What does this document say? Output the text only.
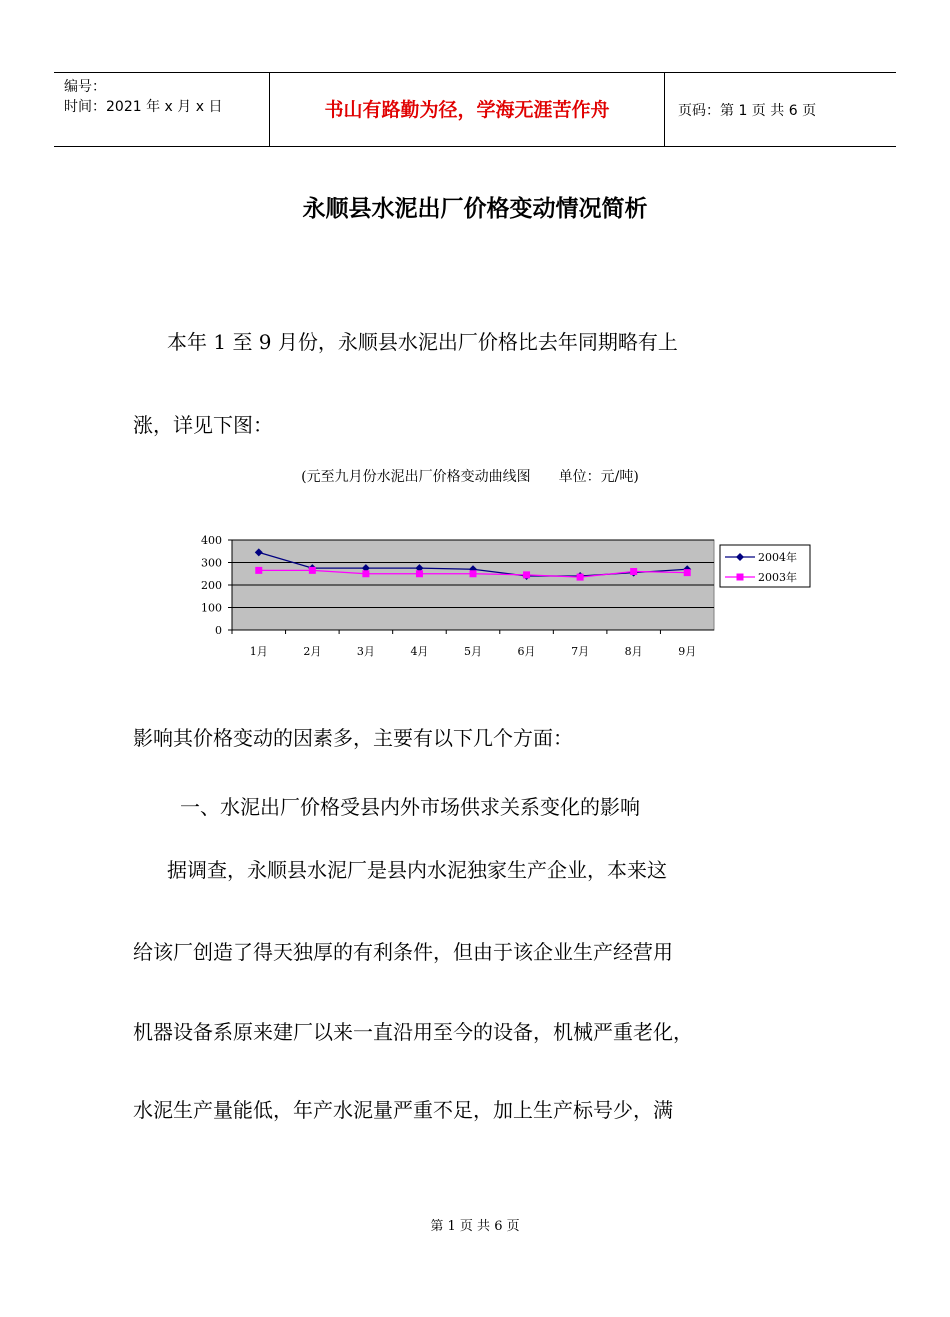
编号：
时间：2021 年 x 月 x 日	书山有路勤为径，学海无涯苦作舟	页码：第 1 页 共 6 页
永顺县水泥出厂价格变动情况简析
本年 1 至 9 月份，永顺县水泥出厂价格比去年同期略有上
涨，详见下图：
(元至九月份水泥出厂价格变动曲线图 单位：元/吨)
0
100
200
300
400
1月	2月	3月	4月	5月	6月	7月	8月	9月
2004年
2003年
影响其价格变动的因素多，主要有以下几个方面：
一、水泥出厂价格受县内外市场供求关系变化的影响
据调查，永顺县水泥厂是县内水泥独家生产企业，本来这
给该厂创造了得天独厚的有利条件，但由于该企业生产经营用
机器设备系原来建厂以来一直沿用至今的设备，机械严重老化，
水泥生产量能低，年产水泥量严重不足，加上生产标号少，满
第 1 页 共 6 页
